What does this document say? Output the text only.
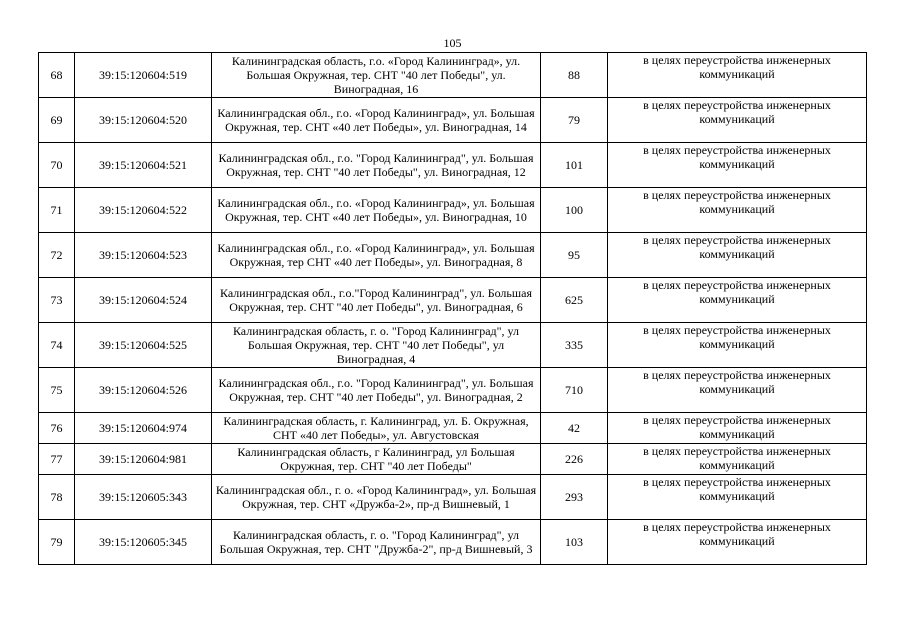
105
68	39:15:120604:519	Калининградская область, г.о. «Город Калининград», ул. Большая Окружная, тер. СНТ "40 лет Победы", ул. Виноградная, 16	88	в целях переустройства инженерных коммуникаций
69	39:15:120604:520	Калининградская обл., г.о. «Город Калининград», ул. Большая Окружная, тер. СНТ «40 лет Победы», ул. Виноградная, 14	79	в целях переустройства инженерных коммуникаций
70	39:15:120604:521	Калининградская обл., г.о. "Город Калининград", ул. Большая Окружная, тер. СНТ "40 лет Победы", ул. Виноградная, 12	101	в целях переустройства инженерных коммуникаций
71	39:15:120604:522	Калининградская обл., г.о. «Город Калининград», ул. Большая Окружная, тер. СНТ «40 лет Победы», ул. Виноградная, 10	100	в целях переустройства инженерных коммуникаций
72	39:15:120604:523	Калининградская обл., г.о. «Город Калининград», ул. Большая Окружная, тер СНТ «40 лет Победы», ул. Виноградная, 8	95	в целях переустройства инженерных коммуникаций
73	39:15:120604:524	Калининградская обл., г.о."Город Калининград", ул. Большая Окружная, тер. СНТ "40 лет Победы", ул. Виноградная, 6	625	в целях переустройства инженерных коммуникаций
74	39:15:120604:525	Калининградская область, г. о. "Город Калининград", ул Большая Окружная, тер. СНТ "40 лет Победы", ул Виноградная, 4	335	в целях переустройства инженерных коммуникаций
75	39:15:120604:526	Калининградская обл., г.о. "Город Калининград", ул. Большая Окружная, тер. СНТ "40 лет Победы", ул. Виноградная, 2	710	в целях переустройства инженерных коммуникаций
76	39:15:120604:974	Калининградская область, г. Калининград, ул. Б. Окружная, СНТ «40 лет Победы», ул. Августовская	42	в целях переустройства инженерных коммуникаций
77	39:15:120604:981	Калининградская область, г Калининград, ул Большая Окружная, тер. СНТ "40 лет Победы"	226	в целях переустройства инженерных коммуникаций
78	39:15:120605:343	Калининградская обл., г. о. «Город Калининград», ул. Большая Окружная, тер. СНТ «Дружба-2», пр-д Вишневый, 1	293	в целях переустройства инженерных коммуникаций
79	39:15:120605:345	Калининградская область, г. о. "Город Калининград", ул Большая Окружная, тер. СНТ "Дружба-2", пр-д Вишневый, 3	103	в целях переустройства инженерных коммуникаций
